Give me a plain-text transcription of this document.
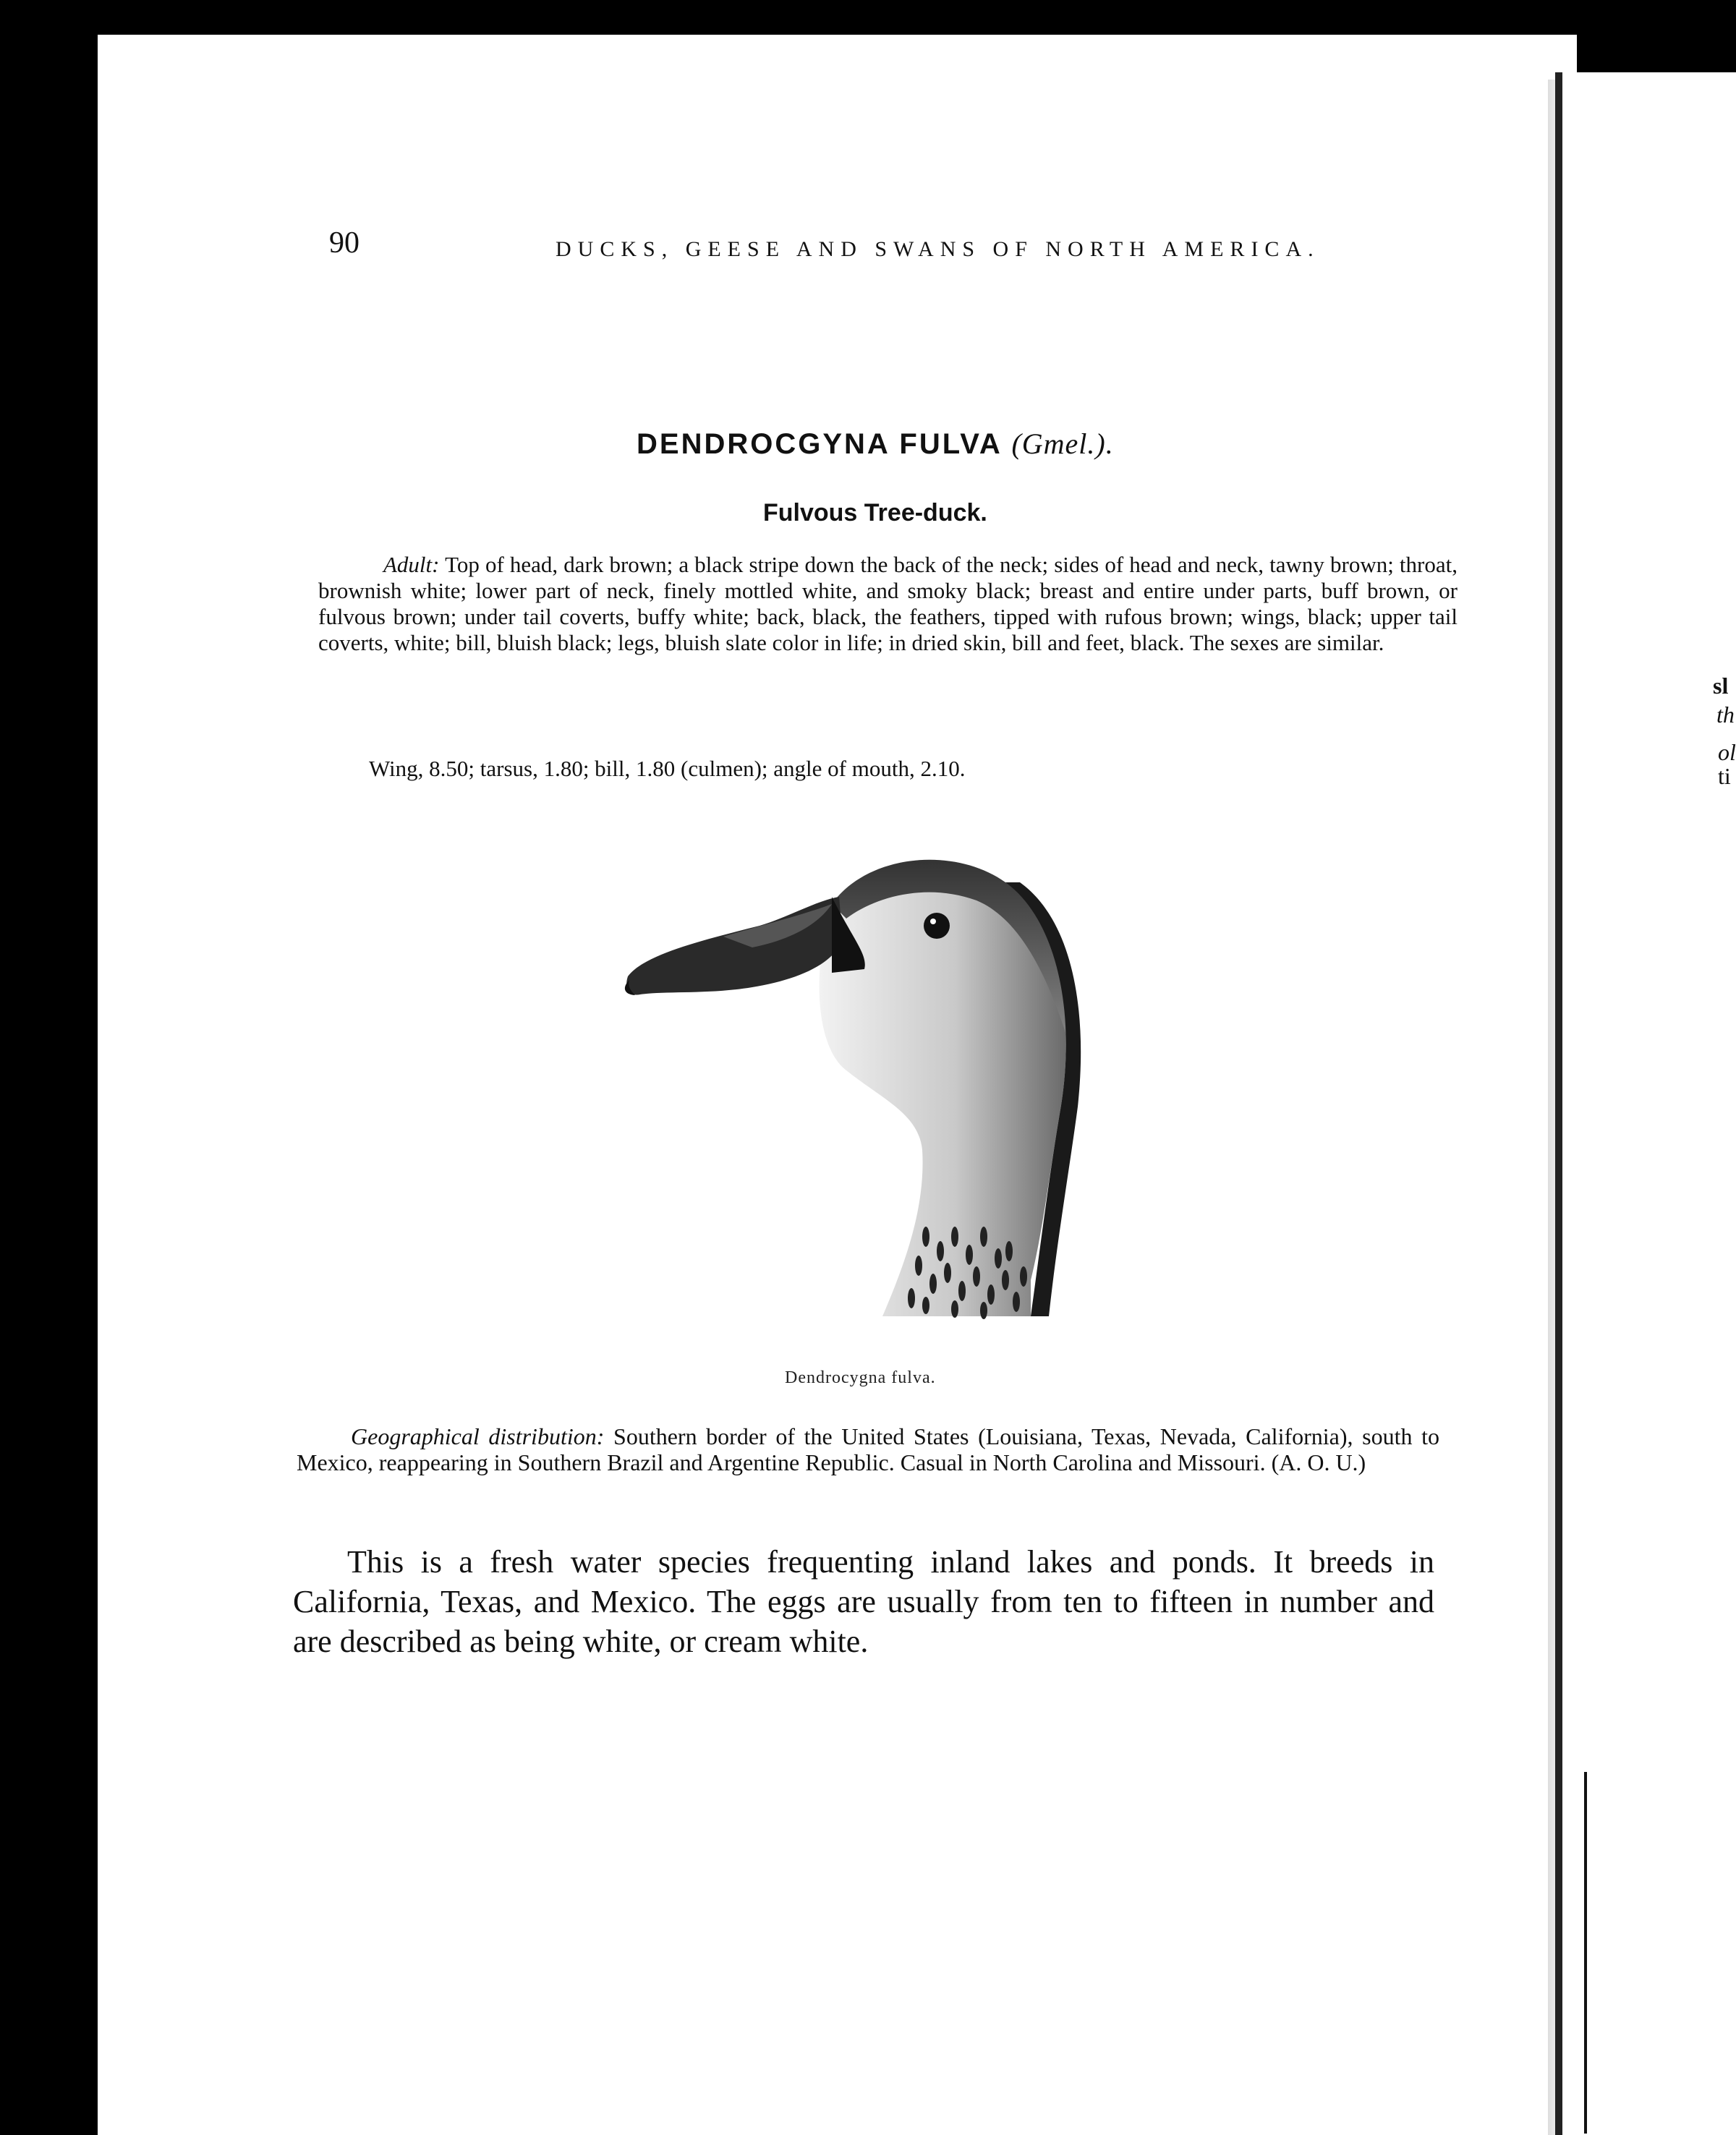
90	DUCKS, GEESE AND SWANS OF NORTH AMERICA.
DENDROCGYNA FULVA (Gmel.).
Fulvous Tree-duck.

Adult: Top of head, dark brown; a black stripe down the back of the neck; sides of head and neck, tawny brown; throat, brownish white; lower part of neck, finely mottled white, and smoky black; breast and entire under parts, buff brown, or fulvous brown; under tail coverts, buffy white; back, black, the feathers, tipped with rufous brown; wings, black; upper tail coverts, white; bill, bluish black; legs, bluish slate color in life; in dried skin, bill and feet, black. The sexes are similar.

Wing, 8.50; tarsus, 1.80; bill, 1.80 (culmen); angle of mouth, 2.10.
Dendrocygna fulva.

Geographical distribution: Southern border of the United States (Louisiana, Texas, Nevada, California), south to Mexico, reappearing in Southern Brazil and Argentine Republic. Casual in North Carolina and Missouri. (A. O. U.)

This is a fresh water species frequenting inland lakes and ponds. It breeds in California, Texas, and Mexico. The eggs are usually from ten to fifteen in number and are described as being white, or cream white.

sl
th
ol
ti
